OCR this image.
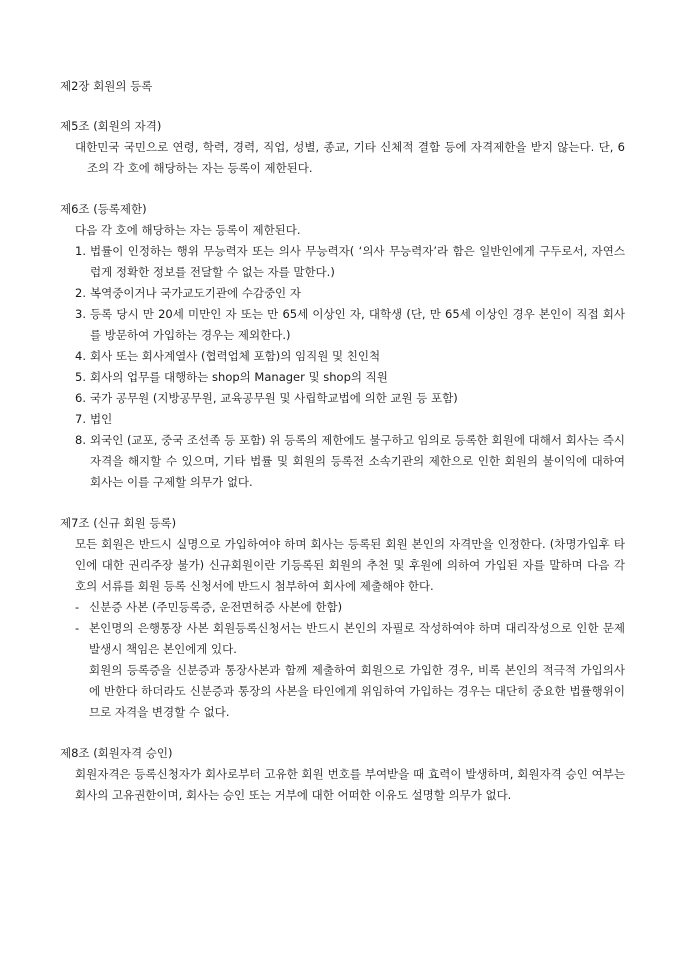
제2장 회원의 등록

제5조 (회원의 자격)

대한민국 국민으로 연령, 학력, 경력, 직업, 성별, 종교, 기타 신체적 결함 등에 자격제한을 받지 않는다. 단, 6조의 각 호에 해당하는 자는 등록이 제한된다.

제6조 (등록제한)

다음 각 호에 해당하는 자는 등록이 제한된다.

1. 법률이 인정하는 행위 무능력자 또는 의사 무능력자( ‘의사 무능력자’라 함은 일반인에게 구두로서, 자연스럽게 정확한 정보를 전달할 수 없는 자를 말한다.)
2. 복역중이거나 국가교도기관에 수감중인 자
3. 등록 당시 만 20세 미만인 자 또는 만 65세 이상인 자, 대학생 (단, 만 65세 이상인 경우 본인이 직접 회사를 방문하여 가입하는 경우는 제외한다.)
4. 회사 또는 회사계열사 (협력업체 포함)의 임직원 및 친인척
5. 회사의 업무를 대행하는 shop의 Manager 및 shop의 직원
6. 국가 공무원 (지방공무원, 교육공무원 및 사립학교법에 의한 교원 등 포함)
7. 법인
8. 외국인 (교포, 중국 조선족 등 포함) 위 등록의 제한에도 불구하고 임의로 등록한 회원에 대해서 회사는 즉시 자격을 해지할 수 있으며, 기타 법률 및 회원의 등록전 소속기관의 제한으로 인한 회원의 불이익에 대하여 회사는 이를 구제할 의무가 없다.

제7조 (신규 회원 등록)

모든 회원은 반드시 실명으로 가입하여야 하며 회사는 등록된 회원 본인의 자격만을 인정한다. (차명가입후 타인에 대한 권리주장 불가) 신규회원이란 기등록된 회원의 추천 및 후원에 의하여 가입된 자를 말하며 다음 각 호의 서류를 회원 등록 신청서에 반드시 첨부하여 회사에 제출해야 한다.

- 신분증 사본 (주민등록증, 운전면허증 사본에 한함)
- 본인명의 은행통장 사본 회원등록신청서는 반드시 본인의 자필로 작성하여야 하며 대리작성으로 인한 문제 발생시 책임은 본인에게 있다.

회원의 등록증을 신분증과 통장사본과 함께 제출하여 회원으로 가입한 경우, 비록 본인의 적극적 가입의사에 반한다 하더라도 신분증과 통장의 사본을 타인에게 위임하여 가입하는 경우는 대단히 중요한 법률행위이므로 자격을 변경할 수 없다.

제8조 (회원자격 승인)

회원자격은 등록신청자가 회사로부터 고유한 회원 번호를 부여받을 때 효력이 발생하며, 회원자격 승인 여부는 회사의 고유권한이며, 회사는 승인 또는 거부에 대한 어떠한 이유도 설명할 의무가 없다.
